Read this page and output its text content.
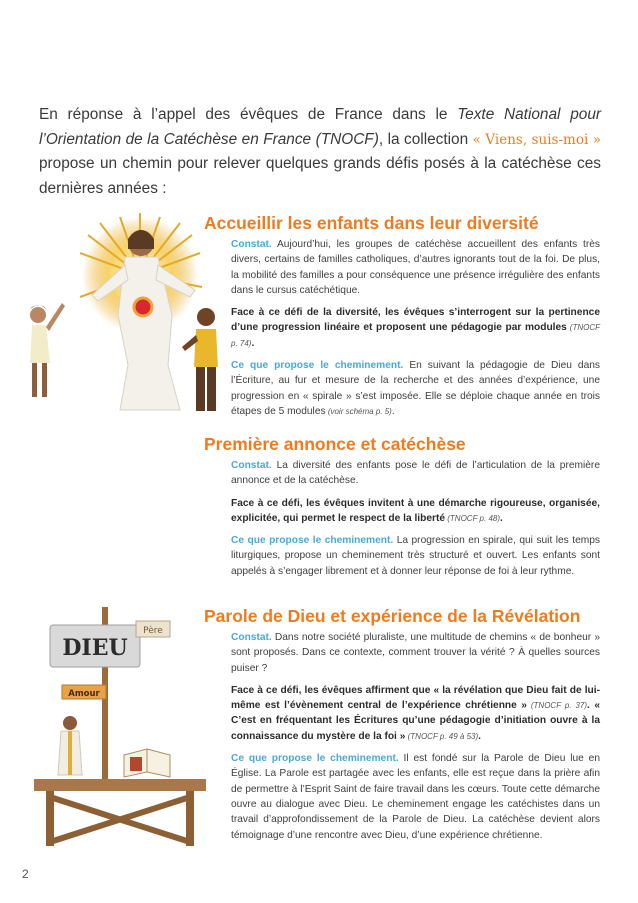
En réponse à l’appel des évêques de France dans le Texte National pour l’Orientation de la Catéchèse en France (TNOCF), la collection « Viens, suis-moi » propose un chemin pour relever quelques grands défis posés à la catéchèse ces dernières années :
Accueillir les enfants dans leur diversité

Constat. Aujourd’hui, les groupes de catéchèse accueillent des enfants très divers, certains de familles catholiques, d’autres ignorants tout de la foi. De plus, la mobilité des familles a pour conséquence une présence irrégulière des enfants dans le cursus catéchétique.

Face à ce défi de la diversité, les évêques s’interrogent sur la pertinence d’une progression linéaire et proposent une pédagogie par modules (TNOCF p. 74).

Ce que propose le cheminement. En suivant la pédagogie de Dieu dans l’Écriture, au fur et mesure de la recherche et des années d’expérience, une progression en « spirale » s’est imposée. Elle se déploie chaque année en trois étapes de 5 modules (voir schéma p. 5).

Première annonce et catéchèse

Constat. La diversité des enfants pose le défi de l’articulation de la première annonce et de la catéchèse.

Face à ce défi, les évêques invitent à une démarche rigoureuse, organisée, explicitée, qui permet le respect de la liberté (TNOCF p. 48).

Ce que propose le cheminement. La progression en spirale, qui suit les temps liturgiques, propose un cheminement très structuré et ouvert. Les enfants sont appelés à s’engager librement et à donner leur réponse de foi à leur rythme.

DIEU
Père
Amour
Parole de Dieu et expérience de la Révélation

Constat. Dans notre société pluraliste, une multitude de chemins « de bonheur » sont proposés. Dans ce contexte, comment trouver la vérité ? À quelles sources puiser ?

Face à ce défi, les évêques affirment que « la révélation que Dieu fait de lui-même est l’évènement central de l’expérience chrétienne » (TNOCF p. 37). « C’est en fréquentant les Écritures qu’une pédagogie d’initiation ouvre à la connaissance du mystère de la foi » (TNOCF p. 49 à 53).

Ce que propose le cheminement. Il est fondé sur la Parole de Dieu lue en Église. La Parole est partagée avec les enfants, elle est reçue dans la prière afin de permettre à l’Esprit Saint de faire travail dans les cœurs. Toute cette démarche ouvre au dialogue avec Dieu. Le cheminement engage les catéchistes dans un travail d’approfondissement de la Parole de Dieu. La catéchèse devient alors témoignage d’une rencontre avec Dieu, d’une expérience chrétienne.

2
